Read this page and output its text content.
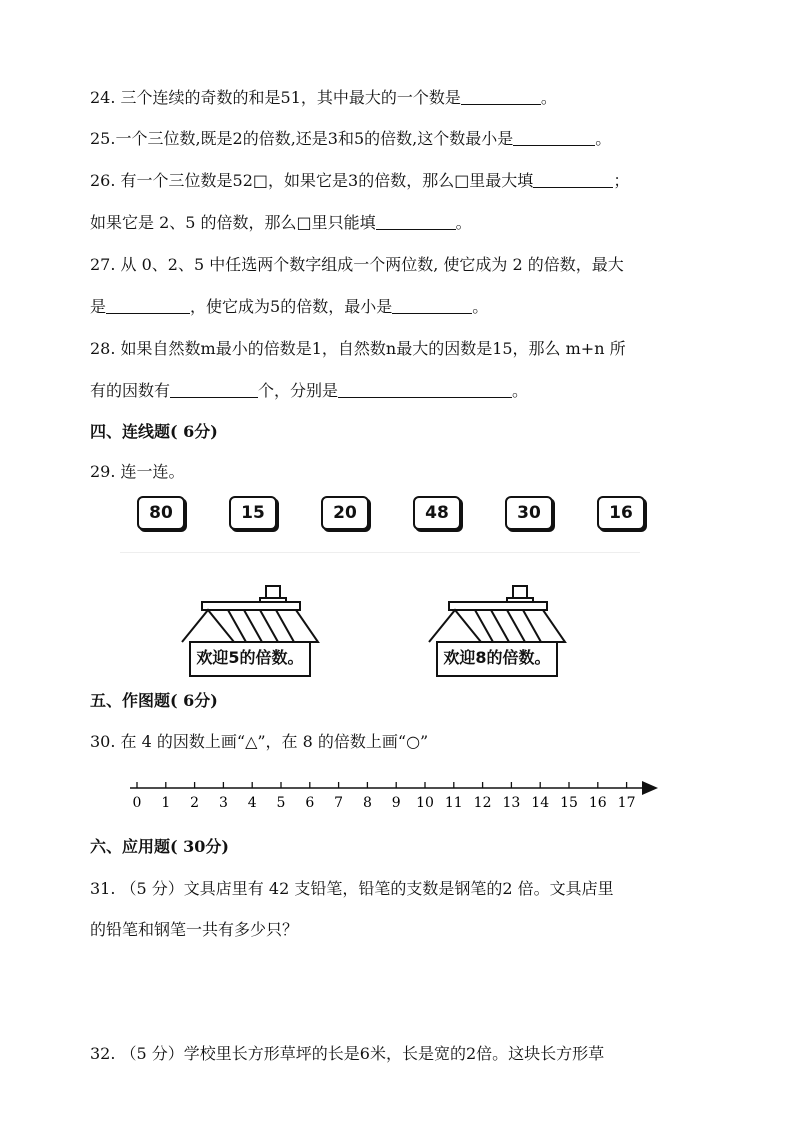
24. 三个连续的奇数的和是51，其中最大的一个数是	。
25.一个三位数,既是2的倍数,还是3和5的倍数,这个数最小是	。
26. 有一个三位数是52□，如果它是3的倍数，那么□里最大填	；
如果它是 2、5 的倍数，那么□里只能填	。
27. 从 0、2、5 中任选两个数字组成一个两位数, 使它成为 2 的倍数，最大
是	，使它成为5的倍数，最小是	。
28. 如果自然数m最小的倍数是1，自然数n最大的因数是15，那么 m+n 所
有的因数有	个，分别是	。
四、连线题( 6分)
29. 连一连。
80	15	20	48	30	16
欢迎5的倍数。	欢迎8的倍数。
五、作图题( 6分)
30. 在 4 的因数上画“△”，在 8 的倍数上画“○”
0 1 2 3 4 5 6 7 8 9 10 11 12 13 14 15 16 17
六、应用题( 30分)
31. （5 分）文具店里有 42 支铅笔，铅笔的支数是钢笔的2 倍。文具店里
的铅笔和钢笔一共有多少只？
32. （5 分）学校里长方形草坪的长是6米，长是宽的2倍。这块长方形草
